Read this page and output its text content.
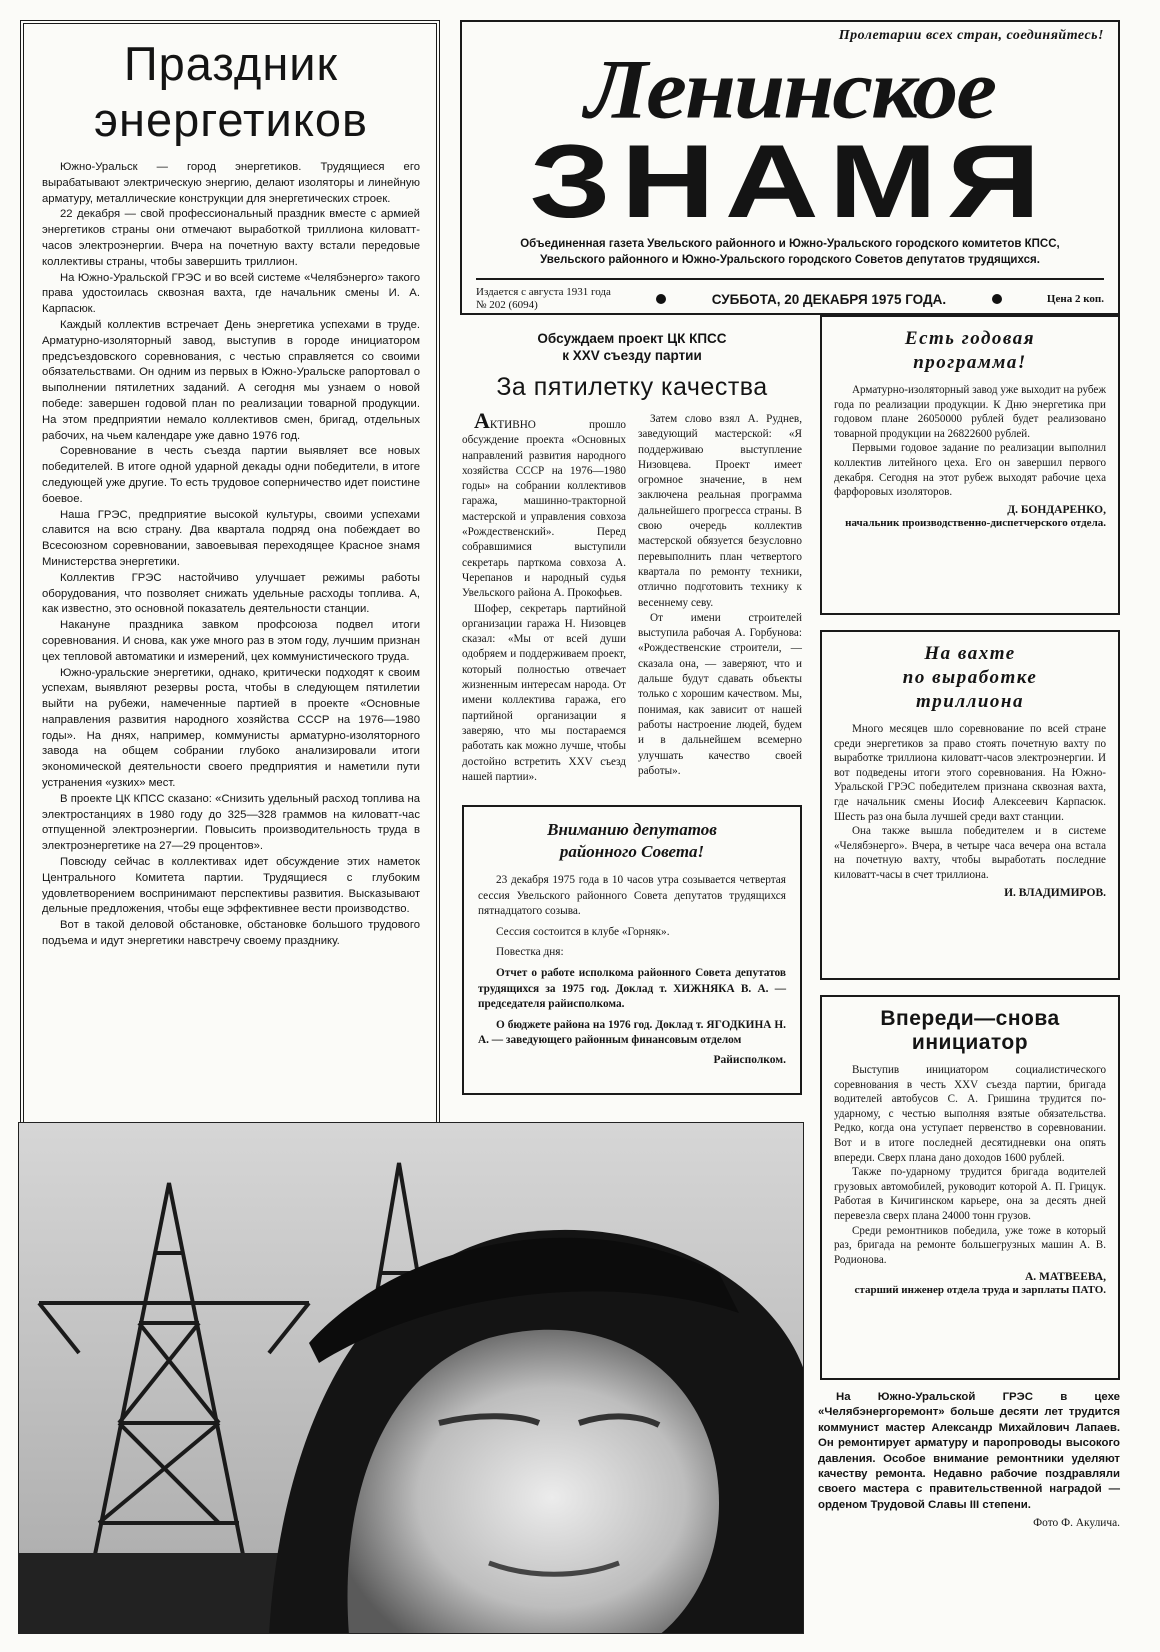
Праздник
энергетиков

Южно-Уральск — город энергетиков. Трудящиеся его вырабатывают электрическую энергию, делают изоляторы и линейную арматуру, металлические конструкции для энергетических строек.

22 декабря — свой профессиональный праздник вместе с армией энергетиков страны они отмечают выработкой триллиона киловатт-часов электроэнергии. Вчера на почетную вахту встали передовые коллективы страны, чтобы завершить триллион.

На Южно-Уральской ГРЭС и во всей системе «Челябэнерго» такого права удостоилась сквозная вахта, где начальник смены И. А. Карпасюк.

Каждый коллектив встречает День энергетика успехами в труде. Арматурно-изоляторный завод, выступив в городе инициатором предсъездовского соревнования, с честью справляется со своими обязательствами. Он одним из первых в Южно-Уральске рапортовал о выполнении пятилетних заданий. А сегодня мы узнаем о новой победе: завершен годовой план по реализации товарной продукции. На этом предприятии немало коллективов смен, бригад, отдельных рабочих, на чьем календаре уже давно 1976 год.

Соревнование в честь съезда партии выявляет все новых победителей. В итоге одной ударной декады одни победители, в итоге следующей уже другие. То есть трудовое соперничество идет поистине боевое.

Наша ГРЭС, предприятие высокой культуры, своими успехами славится на всю страну. Два квартала подряд она побеждает во Всесоюзном соревновании, завоевывая переходящее Красное знамя Министерства энергетики.

Коллектив ГРЭС настойчиво улучшает режимы работы оборудования, что позволяет снижать удельные расходы топлива. А, как известно, это основной показатель деятельности станции.

Накануне праздника завком профсоюза подвел итоги соревнования. И снова, как уже много раз в этом году, лучшим признан цех тепловой автоматики и измерений, цех коммунистического труда.

Южно-уральские энергетики, однако, критически подходят к своим успехам, выявляют резервы роста, чтобы в следующем пятилетии выйти на рубежи, намеченные партией в проекте «Основные направления развития народного хозяйства СССР на 1976—1980 годы». На днях, например, коммунисты арматурно-изоляторного завода на общем собрании глубоко анализировали итоги экономической деятельности своего предприятия и наметили пути устранения «узких» мест.

В проекте ЦК КПСС сказано: «Снизить удельный расход топлива на электростанциях в 1980 году до 325—328 граммов на киловатт-час отпущенной электроэнергии. Повысить производительность труда в электроэнергетике на 27—29 процентов».

Повсюду сейчас в коллективах идет обсуждение этих наметок Центрального Комитета партии. Трудящиеся с глубоким удовлетворением воспринимают перспективы развития. Высказывают дельные предложения, чтобы еще эффективнее вести производство.

Вот в такой деловой обстановке, обстановке большого трудового подъема и идут энергетики навстречу своему празднику.

Пролетарии всех стран, соединяйтесь!
Ленинское
ЗНАМЯ
Объединенная газета Увельского районного и Южно-Уральского городского комитетов КПСС,
Увельского районного и Южно-Уральского городского Советов депутатов трудящихся.
Издается с августа 1931 года
№ 202 (6094)	СУББОТА, 20 ДЕКАБРЯ 1975 ГОДА.	Цена 2 коп.
Обсуждаем проект ЦК КПСС
к XXV съезду партии
За пятилетку качества

АКТИВНО прошло обсуждение проекта «Основных направлений развития народного хозяйства СССР на 1976—1980 годы» на собрании коллективов гаража, машинно-тракторной мастерской и управления совхоза «Рождественский». Перед собравшимися выступили секретарь парткома совхоза А. Черепанов и народный судья Увельского района А. Прокофьев.

Шофер, секретарь партийной организации гаража Н. Низовцев сказал: «Мы от всей души одобряем и поддерживаем проект, который полностью отвечает жизненным интересам народа. От имени коллектива гаража, его партийной организации я заверяю, что мы постараемся работать как можно лучше, чтобы достойно встретить XXV съезд нашей партии».

Затем слово взял А. Руднев, заведующий мастерской: «Я поддерживаю выступление Низовцева. Проект имеет огромное значение, в нем заключена реальная программа дальнейшего прогресса страны. В свою очередь коллектив мастерской обязуется безусловно перевыполнить план четвертого квартала по ремонту техники, отлично подготовить технику к весеннему севу.

От имени строителей выступила рабочая А. Горбунова: «Рождественские строители, — сказала она, — заверяют, что и дальше будут сдавать объекты только с хорошим качеством. Мы, понимая, как зависит от нашей работы настроение людей, будем и в дальнейшем всемерно улучшать качество своей работы».

Вниманию депутатов
районного Совета!

23 декабря 1975 года в 10 часов утра созывается четвертая сессия Увельского районного Совета депутатов трудящихся пятнадцатого созыва.

Сессия состоится в клубе «Горняк».

Повестка дня:

Отчет о работе исполкома районного Совета депутатов трудящихся за 1975 год. Доклад т. ХИЖНЯКА В. А. — председателя райисполкома.

О бюджете района на 1976 год. Доклад т. ЯГОДКИНА Н. А. — заведующего районным финансовым отделом

Райисполком.
Есть годовая
программа!

Арматурно-изоляторный завод уже выходит на рубеж года по реализации продукции. К Дню энергетика при годовом плане 26050000 рублей будет реализовано товарной продукции на 26822600 рублей.

Первыми годовое задание по реализации выполнил коллектив литейного цеха. Его он завершил первого декабря. Сегодня на этот рубеж выходят рабочие цеха фарфоровых изоляторов.

Д. БОНДАРЕНКО,
начальник производственно-диспетчерского отдела.
На вахте
по выработке
триллиона

Много месяцев шло соревнование по всей стране среди энергетиков за право стоять почетную вахту по выработке триллиона киловатт-часов электроэнергии. И вот подведены итоги этого соревнования. На Южно-Уральской ГРЭС победителем признана сквозная вахта, где начальник смены Иосиф Алексеевич Карпасюк. Шесть раз она была лучшей среди вахт станции.

Она также вышла победителем и в системе «Челябэнерго». Вчера, в четыре часа вечера она встала на почетную вахту, чтобы выработать последние киловатт-часы в счет триллиона.

И. ВЛАДИМИРОВ.
Впереди—снова
инициатор

Выступив инициатором социалистического соревнования в честь XXV съезда партии, бригада водителей автобусов С. А. Гришина трудится по-ударному, с честью выполняя взятые обязательства. Редко, когда она уступает первенство в соревновании. Вот и в итоге последней десятидневки она опять впереди. Сверх плана дано доходов 1600 рублей.

Также по-ударному трудится бригада водителей грузовых автомобилей, руководит которой А. П. Грицук. Работая в Кичигинском карьере, она за десять дней перевезла сверх плана 24000 тонн грузов.

Среди ремонтников победила, уже тоже в который раз, бригада на ремонте большегрузных машин А. В. Родионова.

А. МАТВЕЕВА,
старший инженер отдела труда и зарплаты ПАТО.

На Южно-Уральской ГРЭС в цехе «Челябэнергоремонт» больше десяти лет трудится коммунист мастер Александр Михайлович Лапаев. Он ремонтирует арматуру и паропроводы высокого давления. Особое внимание ремонтники уделяют качеству ремонта. Недавно рабочие поздравляли своего мастера с правительственной наградой — орденом Трудовой Славы III степени.

Фото Ф. Акулича.
